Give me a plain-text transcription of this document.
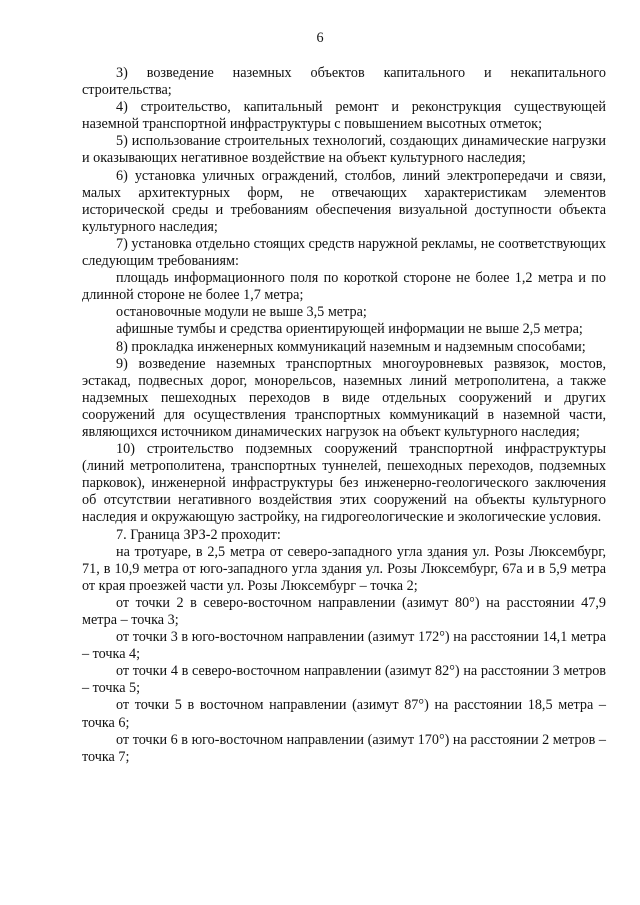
6

3) возведение наземных объектов капитального и некапитального строительства;

4) строительство, капитальный ремонт и реконструкция существующей наземной транспортной инфраструктуры с повышением высотных отметок;

5) использование строительных технологий, создающих динамические нагрузки и оказывающих негативное воздействие на объект культурного наследия;

6) установка уличных ограждений, столбов, линий электропередачи и связи, малых архитектурных форм, не отвечающих характеристикам элементов исторической среды и требованиям обеспечения визуальной доступности объекта культурного наследия;

7) установка отдельно стоящих средств наружной рекламы, не соответствующих следующим требованиям:

площадь информационного поля по короткой стороне не более 1,2 метра и по длинной стороне не более 1,7 метра;

остановочные модули не выше 3,5 метра;

афишные тумбы и средства ориентирующей информации не выше 2,5 метра;

8) прокладка инженерных коммуникаций наземным и надземным способами;

9) возведение наземных транспортных многоуровневых развязок, мостов, эстакад, подвесных дорог, монорельсов, наземных линий метрополитена, а также надземных пешеходных переходов в виде отдельных сооружений и других сооружений для осуществления транспортных коммуникаций в наземной части, являющихся источником динамических нагрузок на объект культурного наследия;

10) строительство подземных сооружений транспортной инфраструктуры (линий метрополитена, транспортных туннелей, пешеходных переходов, подземных парковок), инженерной инфраструктуры без инженерно-геологического заключения об отсутствии негативного воздействия этих сооружений на объекты культурного наследия и окружающую застройку, на гидрогеологические и экологические условия.

7. Граница ЗРЗ-2 проходит:

на тротуаре, в 2,5 метра от северо-западного угла здания ул. Розы Люксембург, 71, в 10,9 метра от юго-западного угла здания ул. Розы Люксембург, 67а и в 5,9 метра от края проезжей части ул. Розы Люксембург – точка 2;

от точки 2 в северо-восточном направлении (азимут 80°) на расстоянии 47,9 метра – точка 3;

от точки 3 в юго-восточном направлении (азимут 172°) на расстоянии 14,1 метра – точка 4;

от точки 4 в северо-восточном направлении (азимут 82°) на расстоянии 3 метров – точка 5;

от точки 5 в восточном направлении (азимут 87°) на расстоянии 18,5 метра – точка 6;

от точки 6 в юго-восточном направлении (азимут 170°) на расстоянии 2 метров – точка 7;
